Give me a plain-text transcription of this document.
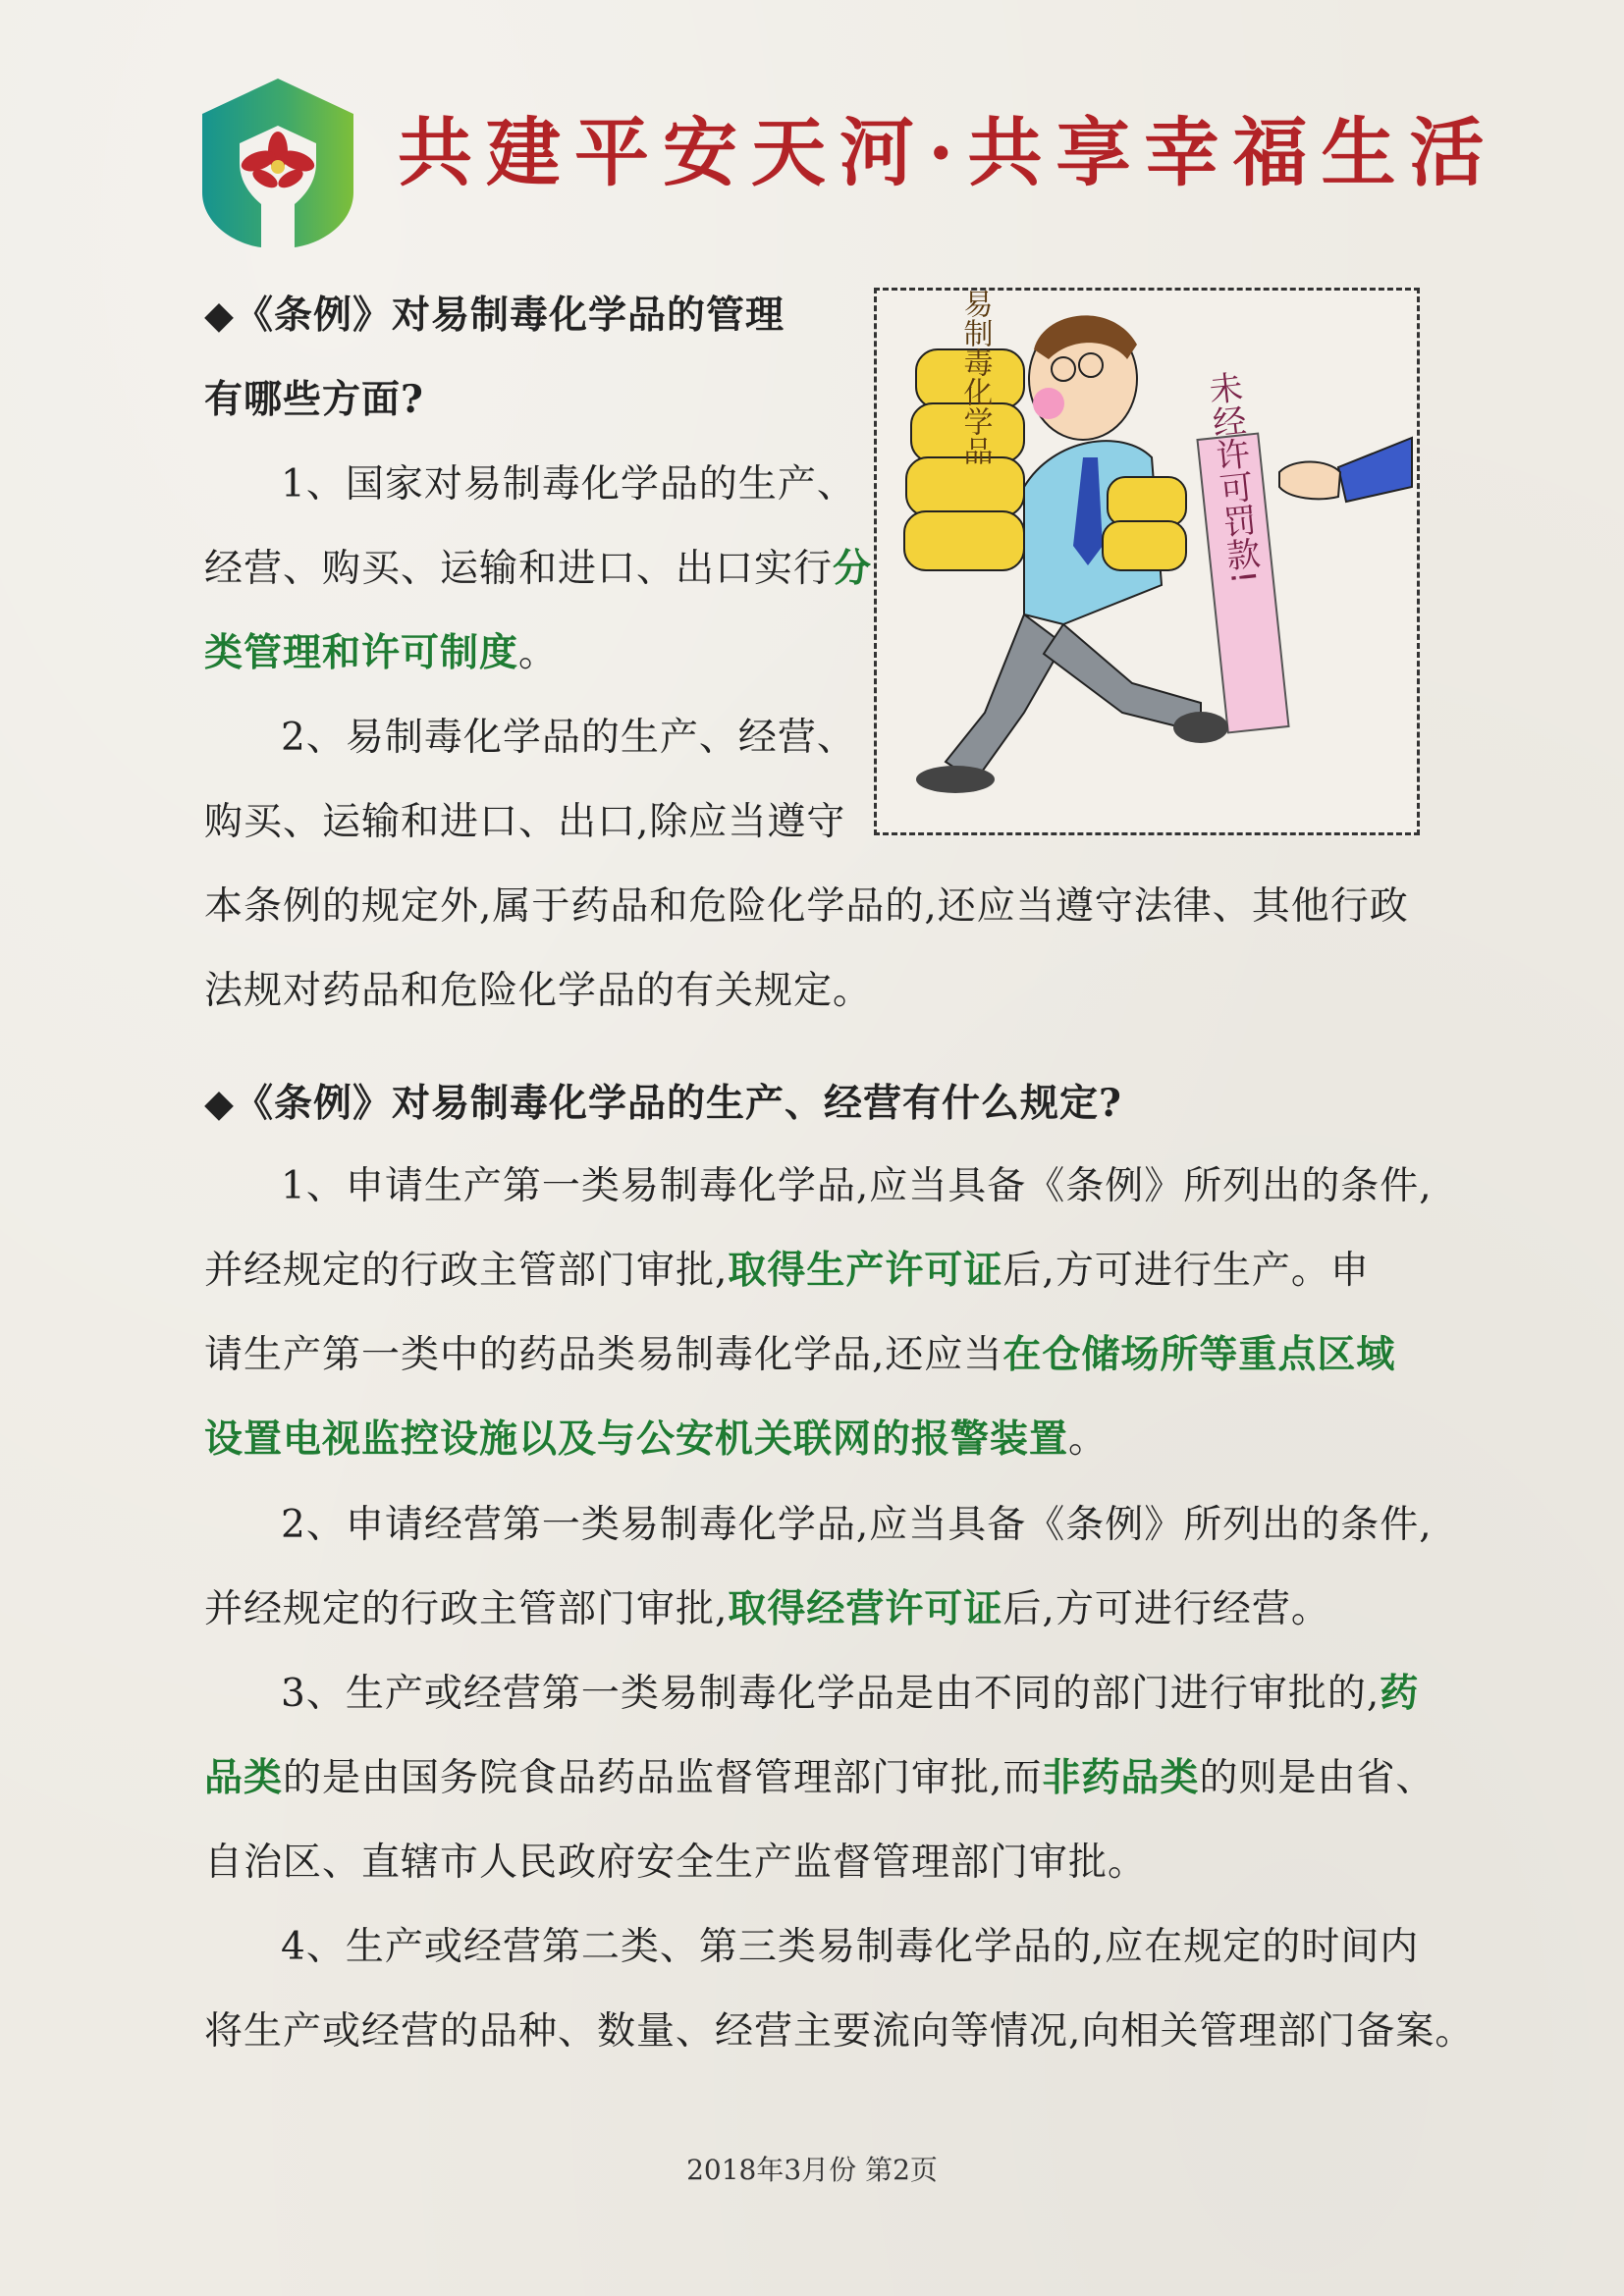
共建平安天河·共享幸福生活
◆《条例》对易制毒化学品的管理
有哪些方面?
1、国家对易制毒化学品的生产、
经营、购买、运输和进口、出口实行分
类管理和许可制度。
2、易制毒化学品的生产、经营、
购买、运输和进口、出口,除应当遵守
本条例的规定外,属于药品和危险化学品的,还应当遵守法律、其他行政
法规对药品和危险化学品的有关规定。
未经许可罚款!
易制毒化学品
◆《条例》对易制毒化学品的生产、经营有什么规定?
1、申请生产第一类易制毒化学品,应当具备《条例》所列出的条件,
并经规定的行政主管部门审批,取得生产许可证后,方可进行生产。申
请生产第一类中的药品类易制毒化学品,还应当在仓储场所等重点区域
设置电视监控设施以及与公安机关联网的报警装置。
2、申请经营第一类易制毒化学品,应当具备《条例》所列出的条件,
并经规定的行政主管部门审批,取得经营许可证后,方可进行经营。
3、生产或经营第一类易制毒化学品是由不同的部门进行审批的,药
品类的是由国务院食品药品监督管理部门审批,而非药品类的则是由省、
自治区、直辖市人民政府安全生产监督管理部门审批。
4、生产或经营第二类、第三类易制毒化学品的,应在规定的时间内
将生产或经营的品种、数量、经营主要流向等情况,向相关管理部门备案。
2018年3月份 第2页
